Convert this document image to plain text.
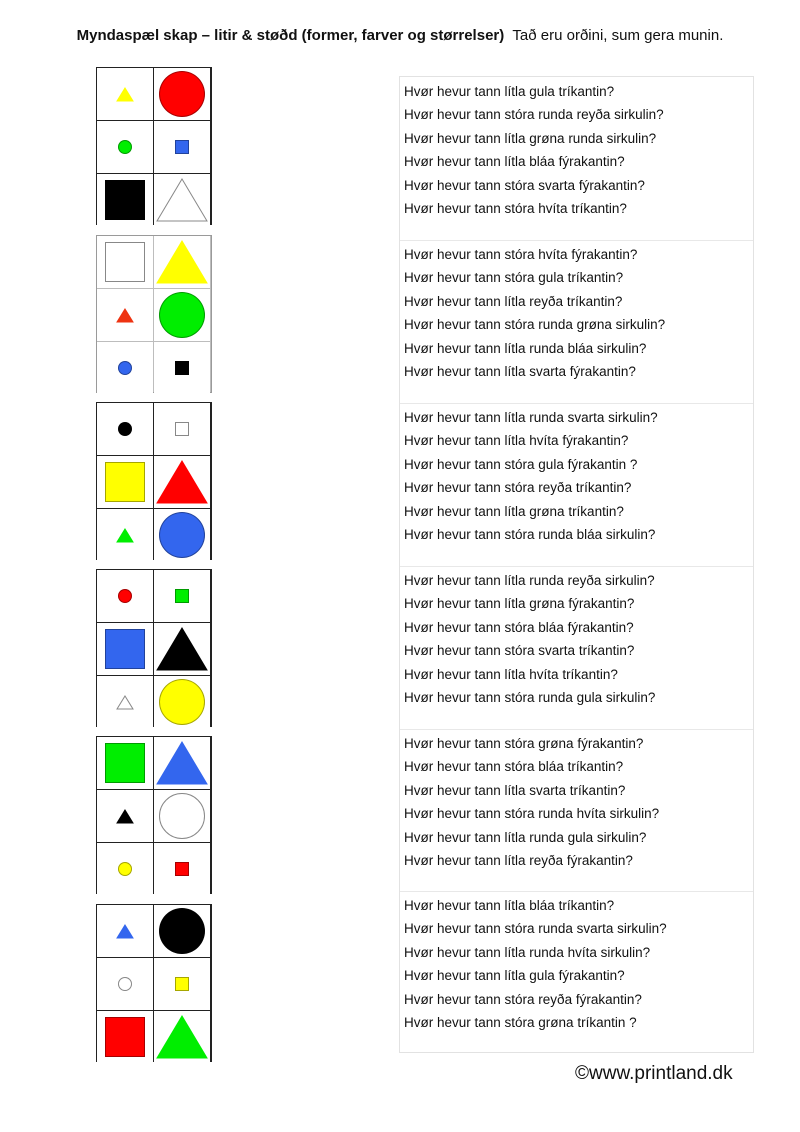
Myndaspæl skap – litir & støðd (former, farver og størrelser) Tað eru orðini, sum gera munin.
Hvør hevur tann lítla gula tríkantin?
Hvør hevur tann stóra runda reyða sirkulin?
Hvør hevur tann lítla grøna runda sirkulin?
Hvør hevur tann lítla bláa fýrakantin?
Hvør hevur tann stóra svarta fýrakantin?
Hvør hevur tann stóra hvíta tríkantin?
Hvør hevur tann stóra hvíta fýrakantin?
Hvør hevur tann stóra gula tríkantin?
Hvør hevur tann lítla reyða tríkantin?
Hvør hevur tann stóra runda grøna sirkulin?
Hvør hevur tann lítla runda bláa sirkulin?
Hvør hevur tann lítla svarta fýrakantin?
Hvør hevur tann lítla runda svarta sirkulin?
Hvør hevur tann lítla hvíta fýrakantin?
Hvør hevur tann stóra gula fýrakantin ?
Hvør hevur tann stóra reyða tríkantin?
Hvør hevur tann lítla grøna tríkantin?
Hvør hevur tann stóra runda bláa sirkulin?
Hvør hevur tann lítla runda reyða sirkulin?
Hvør hevur tann lítla grøna fýrakantin?
Hvør hevur tann stóra bláa fýrakantin?
Hvør hevur tann stóra svarta tríkantin?
Hvør hevur tann lítla hvíta tríkantin?
Hvør hevur tann stóra runda gula sirkulin?
Hvør hevur tann stóra grøna fýrakantin?
Hvør hevur tann stóra bláa tríkantin?
Hvør hevur tann lítla svarta tríkantin?
Hvør hevur tann stóra runda hvíta sirkulin?
Hvør hevur tann lítla runda gula sirkulin?
Hvør hevur tann lítla reyða fýrakantin?
Hvør hevur tann lítla bláa tríkantin?
Hvør hevur tann stóra runda svarta sirkulin?
Hvør hevur tann lítla runda hvíta sirkulin?
Hvør hevur tann lítla gula fýrakantin?
Hvør hevur tann stóra reyða fýrakantin?
Hvør hevur tann stóra grøna tríkantin ?
©www.printland.dk
